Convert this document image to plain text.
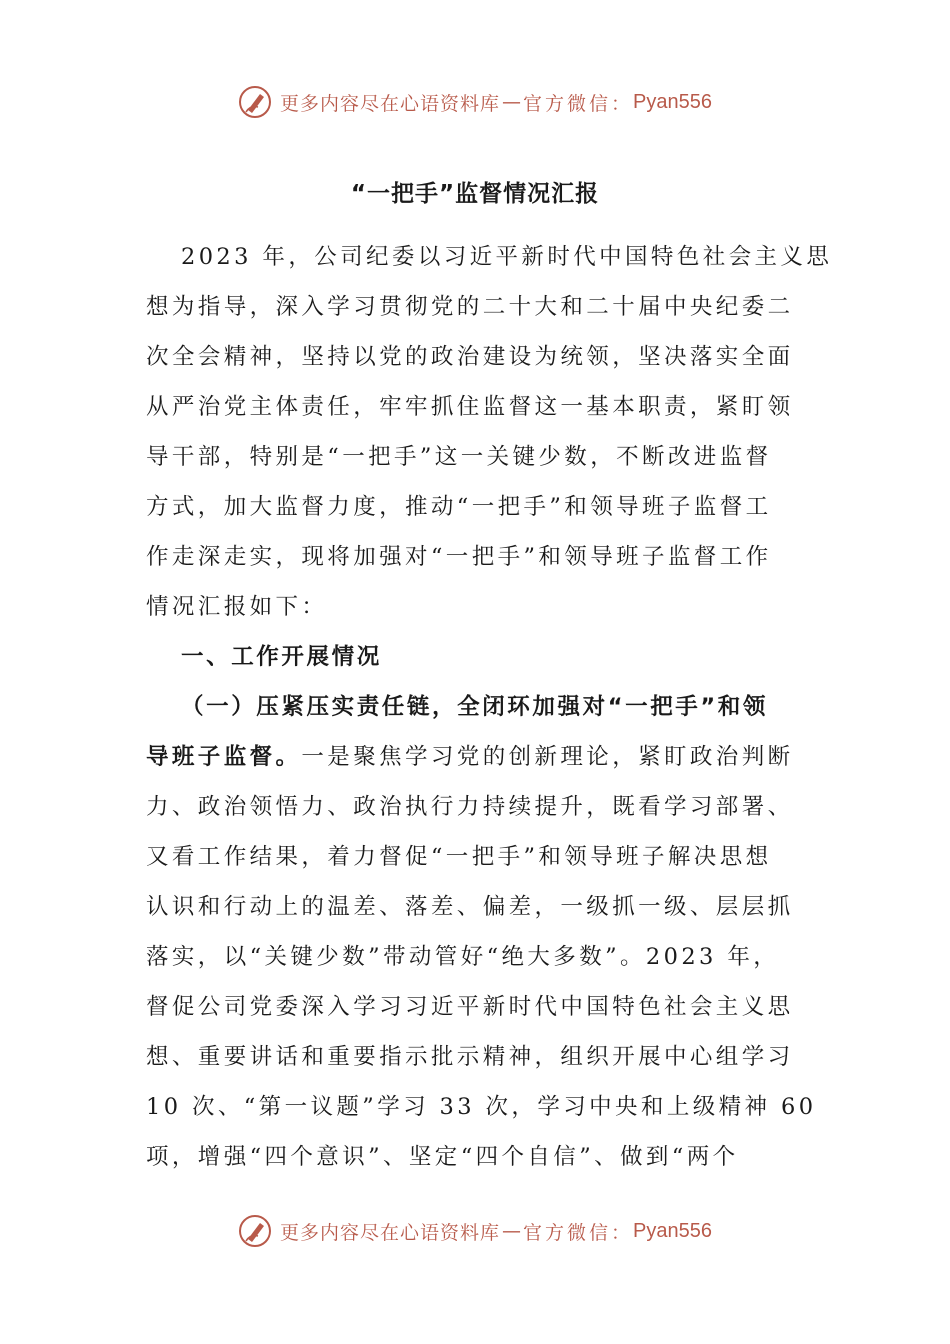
更多内容尽在心语资料库 — 官方微信： Pyan556
“一把手”监督情况汇报
2023 年，公司纪委以习近平新时代中国特色社会主义思
想为指导，深入学习贯彻党的二十大和二十届中央纪委二
次全会精神，坚持以党的政治建设为统领，坚决落实全面
从严治党主体责任，牢牢抓住监督这一基本职责，紧盯领
导干部，特别是“一把手”这一关键少数，不断改进监督
方式，加大监督力度，推动“一把手”和领导班子监督工
作走深走实，现将加强对“一把手”和领导班子监督工作
情况汇报如下：
一、工作开展情况
（一）压紧压实责任链，全闭环加强对“一把手”和领
导班子监督。一是聚焦学习党的创新理论，紧盯政治判断
力、政治领悟力、政治执行力持续提升，既看学习部署、
又看工作结果，着力督促“一把手”和领导班子解决思想
认识和行动上的温差、落差、偏差，一级抓一级、层层抓
落实，以“关键少数”带动管好“绝大多数”。2023 年，
督促公司党委深入学习习近平新时代中国特色社会主义思
想、重要讲话和重要指示批示精神，组织开展中心组学习
10 次、“第一议题”学习 33 次，学习中央和上级精神 60
项，增强“四个意识”、坚定“四个自信”、做到“两个
更多内容尽在心语资料库 — 官方微信： Pyan556
